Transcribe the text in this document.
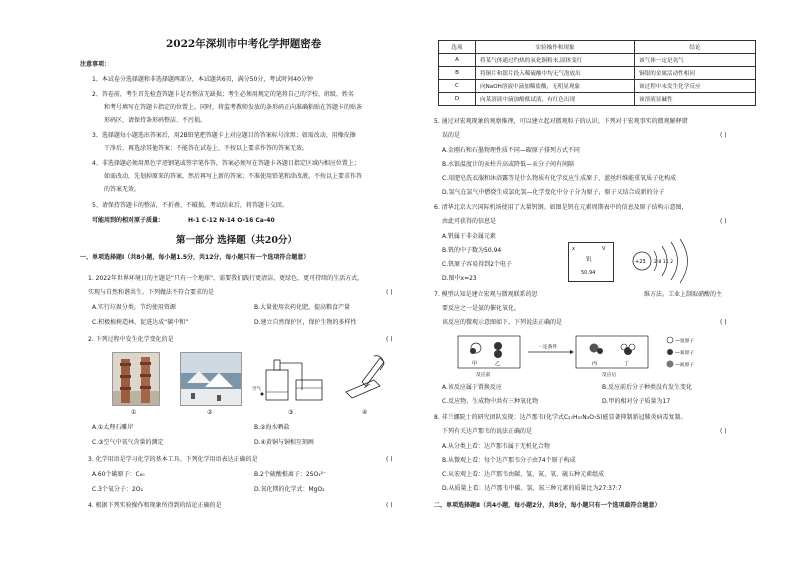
2022年深圳市中考化学押题密卷
注意事项：
1、本试卷分选择题和非选择题两部分，本试题共6页，满分50分，考试时间40分钟
2、答卷前，考生首先检查答题卡是否整洁无缺损；考生必须用规定的笔将自己的学校、班级、姓名
和考号填写在答题卡指定的位置上。同时，将监考教师发放的条形码正向准确粘贴在答题卡的贴条
形码区，请保持条形码整洁、不污损。
3、选择题每小题选出答案后，用2B铅笔把答题卡上对应题目的答案标号涂黑；如需改动，用橡皮擦
干净后，再选涂其他答案；不能答在试卷上，不按以上要求作答的答案无效。
4、非选择题必须用黑色字迹钢笔或签字笔作答，答案必须写在答题卡各题目指定区域内相应位置上；
如需改动，先划掉原来的答案，然后再写上新的答案；不准使用铅笔和涂改液。不按以上要求作答
的答案无效。
5、请保持答题卡的整洁，不折叠、不破损，考试结束后，将答题卡交回。
可能用到的相对原子质量：	H-1 C-12 N-14 O-16 Ca-40
第一部分 选择题（共20分）
一、单项选择题Ⅰ（共8小题，每小题1.5分，共12分，每小题只有一个选项符合题意）
1. 2022年世界环境日的主题是“只有一个地球”，需要我们践行更清洁、更绿色、更可持续的生活方式，
实现与自然和谐共生。下列做法不符合要求的是	( )
A.实行垃圾分类，节约使用资源	B.大量使用农药化肥，提高粮食产量
C.积极植树造林，促进达成“碳中和”	D.建立自然保护区，保护生物的多样性
2. 下列过程中发生化学变化的是	( )
空气
①	②	③	④
A.①太理石雕岸	B.②海水晒盐
C.③空气中氧气含量的测定	D.④黄铜与铜相互刻画
3. 化学用语是学习化学的基本工具。下列化学用语表达正确的是	( )
A.60个碳原子：C₆₀	B.2个硫酸根离子：2SO₄²⁻
C.3个氧分子：2O₂	D.氧化镁的化学式：MgO₂
4. 根据下列实验操作和现象所得到的结论正确的是	( )
选项	实验操作和现象	结论
A	将某气体通过灼热的氧化铜粉末,固体变红	该气体一定是氢气
B	将铜片和银片投入稀硫酸中均无气泡放出	铜银的金属活动性相同
C	向NaOH溶液中滴加稀盐酸，无明显现象	该过程中未发生化学反应
D	向某溶液中滴加酚酞试液，有红色出现	该溶液显碱性
5. 通过对宏观现象的观察推理，可以建立起对微观粒子的认识。下列对于宏观事实的微观解释错
误的是	( )
A.金刚石和石墨物理性质不同—碳原子排列方式不同
B.水银温度计的汞柱升高或降低—汞分子间有间隔
C.用肥皂洗衣服和沐浴露等是什么物质有化学反应生成原子，蓝丝纤维能重氧质子化构成
D.氢气在氯气中燃烧生成氯化氢—化学变化中分子分为原子，原子又结合成新的分子
6. 清华北京大兴国际机场使用了大量钒钢。如图是钒在元素周期表中的信息及原子结构示意图，
由此可获得的信息是	( )
A.钒属于非金属元素
B.钒的中子数为50.94
C.钒原子容易得到2个电子
D.图中x=23
x	V
钒
50.94
+23 2 8 11 2
7. 模型认知是建立宏观与微观联系的思	维方法。工业上制取硝酸的主
要反应之一是氨的催化氧化。
该反应的微观示意图如下。下列说法正确的是	( )
甲	乙
一定条件
丙	丁
反应前	反应后
—氢原子
—氧原子
—氮原子
A.该反应属于置换反应	B.反应前后分子种类没有发生变化
C.反应物、生成物中共有三种氧化物	D.甲的相对分子质量为17
8. 非兰娜院士的研究团队发现：达芦那韦(化学式C₂₇H₃₇N₃O₇S)能显著抑制新冠肺炎病毒复制。
下列有关达芦那韦的说法正确的是	( )
A.从分类上看：达芦那韦属于无机化合物
B.从微观上看：每个达芦那韦分子由74个原子构成
C.从宏观上看：达芦那韦由碳、氢、氮、氧、硫五种元素组成
D.从质量上看：达芦那韦中碳、氢、氮三种元素的质量比为27:37:7
二、单项选择题Ⅱ（共4小题，每小题2分，共8分，每小题只有一个选项最符合题意）
